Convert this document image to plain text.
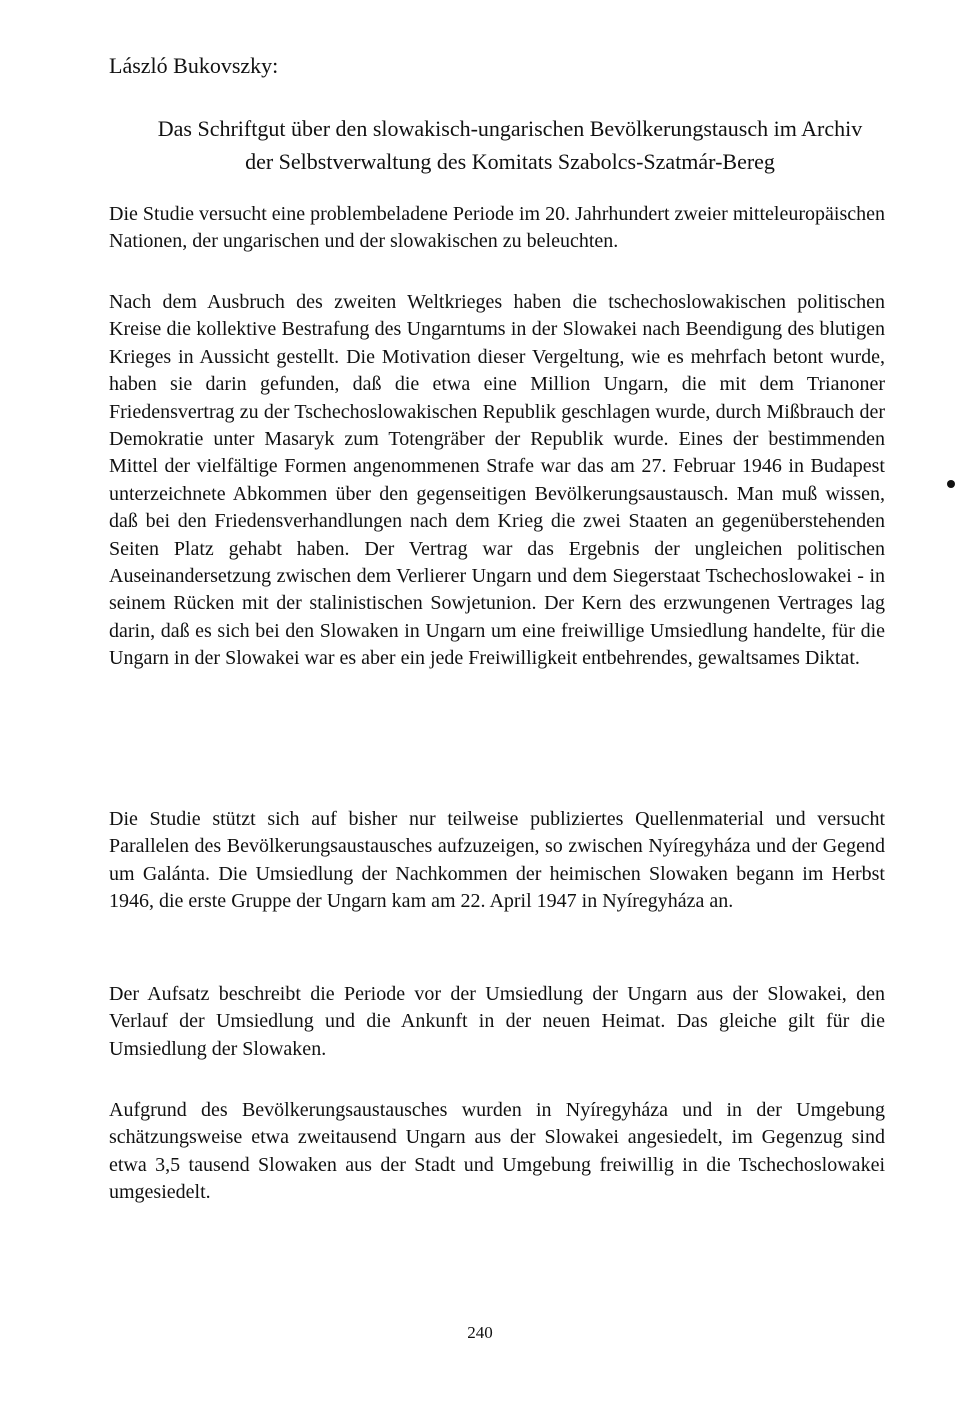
László Bukovszky:

Das Schriftgut über den slowakisch-ungarischen Bevölkerungstausch im Archiv
der Selbstverwaltung des Komitats Szabolcs-Szatmár-Bereg

Die Studie versucht eine problembeladene Periode im 20. Jahrhundert zweier mitteleuropäischen Nationen, der ungarischen und der slowakischen zu beleuchten.

Nach dem Ausbruch des zweiten Weltkrieges haben die tschechoslowakischen politischen Kreise die kollektive Bestrafung des Ungarntums in der Slowakei nach Beendigung des blutigen Krieges in Aussicht gestellt. Die Motivation dieser Vergeltung, wie es mehrfach betont wurde, haben sie darin gefunden, daß die etwa eine Million Ungarn, die mit dem Trianoner Friedensvertrag zu der Tschechoslowakischen Republik geschlagen wurde, durch Mißbrauch der Demokratie unter Masaryk zum Totengräber der Republik wurde. Eines der bestimmenden Mittel der vielfältige Formen angenommenen Strafe war das am 27. Februar 1946 in Budapest unterzeichnete Abkommen über den gegenseitigen Bevölkerungsaustausch. Man muß wissen, daß bei den Friedensverhandlungen nach dem Krieg die zwei Staaten an gegenüberstehenden Seiten Platz gehabt haben. Der Vertrag war das Ergebnis der ungleichen politischen Auseinandersetzung zwischen dem Verlierer Ungarn und dem Siegerstaat Tschechoslowakei - in seinem Rücken mit der stalinistischen Sowjetunion. Der Kern des erzwungenen Vertrages lag darin, daß es sich bei den Slowaken in Ungarn um eine freiwillige Umsiedlung handelte, für die Ungarn in der Slowakei war es aber ein jede Freiwilligkeit entbehrendes, gewaltsames Diktat.

Die Studie stützt sich auf bisher nur teilweise publiziertes Quellenmaterial und versucht Parallelen des Bevölkerungsaustausches aufzuzeigen, so zwischen Nyíregyháza und der Gegend um Galánta. Die Umsiedlung der Nachkommen der heimischen Slowaken begann im Herbst 1946, die erste Gruppe der Ungarn kam am 22. April 1947 in Nyíregyháza an.

Der Aufsatz beschreibt die Periode vor der Umsiedlung der Ungarn aus der Slowakei, den Verlauf der Umsiedlung und die Ankunft in der neuen Heimat. Das gleiche gilt für die Umsiedlung der Slowaken.

Aufgrund des Bevölkerungsaustausches wurden in Nyíregyháza und in der Umgebung schätzungsweise etwa zweitausend Ungarn aus der Slowakei angesiedelt, im Gegenzug sind etwa 3,5 tausend Slowaken aus der Stadt und Umgebung freiwillig in die Tschechoslowakei umgesiedelt.

240
